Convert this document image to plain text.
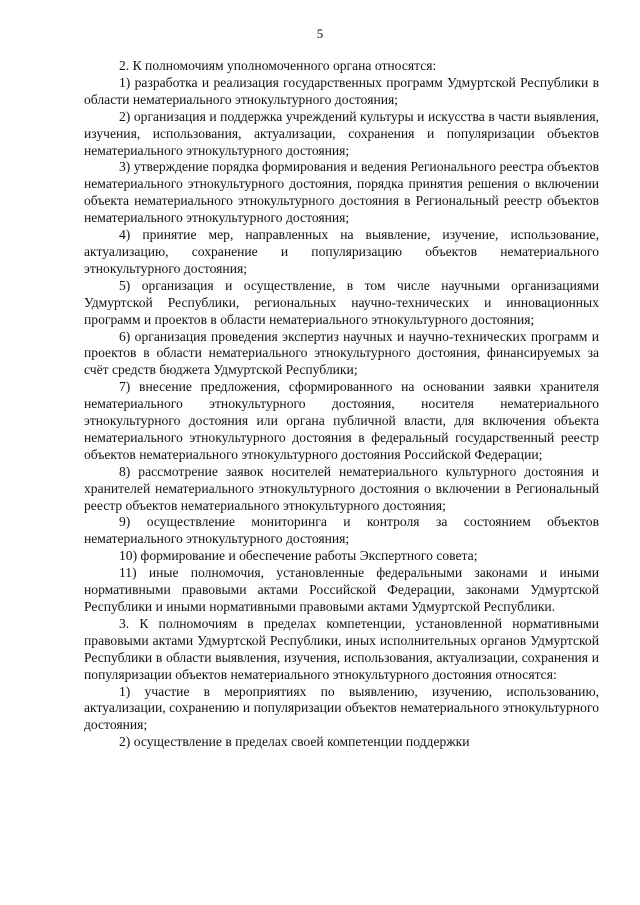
5

2. К полномочиям уполномоченного органа относятся:

1) разработка и реализация государственных программ Удмуртской Республики в области нематериального этнокультурного достояния;

2) организация и поддержка учреждений культуры и искусства в части выявления, изучения, использования, актуализации, сохранения и популяризации объектов нематериального этнокультурного достояния;

3) утверждение порядка формирования и ведения Регионального реестра объектов нематериального этнокультурного достояния, порядка принятия решения о включении объекта нематериального этнокультурного достояния в Региональный реестр объектов нематериального этнокультурного достояния;

4) принятие мер, направленных на выявление, изучение, использование, актуализацию, сохранение и популяризацию объектов нематериального этнокультурного достояния;

5) организация и осуществление, в том числе научными организациями Удмуртской Республики, региональных научно-технических и инновационных программ и проектов в области нематериального этнокультурного достояния;

6) организация проведения экспертиз научных и научно-технических программ и проектов в области нематериального этнокультурного достояния, финансируемых за счёт средств бюджета Удмуртской Республики;

7) внесение предложения, сформированного на основании заявки хранителя нематериального этнокультурного достояния, носителя нематериального этнокультурного достояния или органа публичной власти, для включения объекта нематериального этнокультурного достояния в федеральный государственный реестр объектов нематериального этнокультурного достояния Российской Федерации;

8) рассмотрение заявок носителей нематериального культурного достояния и хранителей нематериального этнокультурного достояния о включении в Региональный реестр объектов нематериального этнокультурного достояния;

9) осуществление мониторинга и контроля за состоянием объектов нематериального этнокультурного достояния;

10) формирование и обеспечение работы Экспертного совета;

11) иные полномочия, установленные федеральными законами и иными нормативными правовыми актами Российской Федерации, законами Удмуртской Республики и иными нормативными правовыми актами Удмуртской Республики.

3. К полномочиям в пределах компетенции, установленной нормативными правовыми актами Удмуртской Республики, иных исполнительных органов Удмуртской Республики в области выявления, изучения, использования, актуализации, сохранения и популяризации объектов нематериального этнокультурного достояния относятся:

1) участие в мероприятиях по выявлению, изучению, использованию, актуализации, сохранению и популяризации объектов нематериального этнокультурного достояния;

2) осуществление в пределах своей компетенции поддержки
